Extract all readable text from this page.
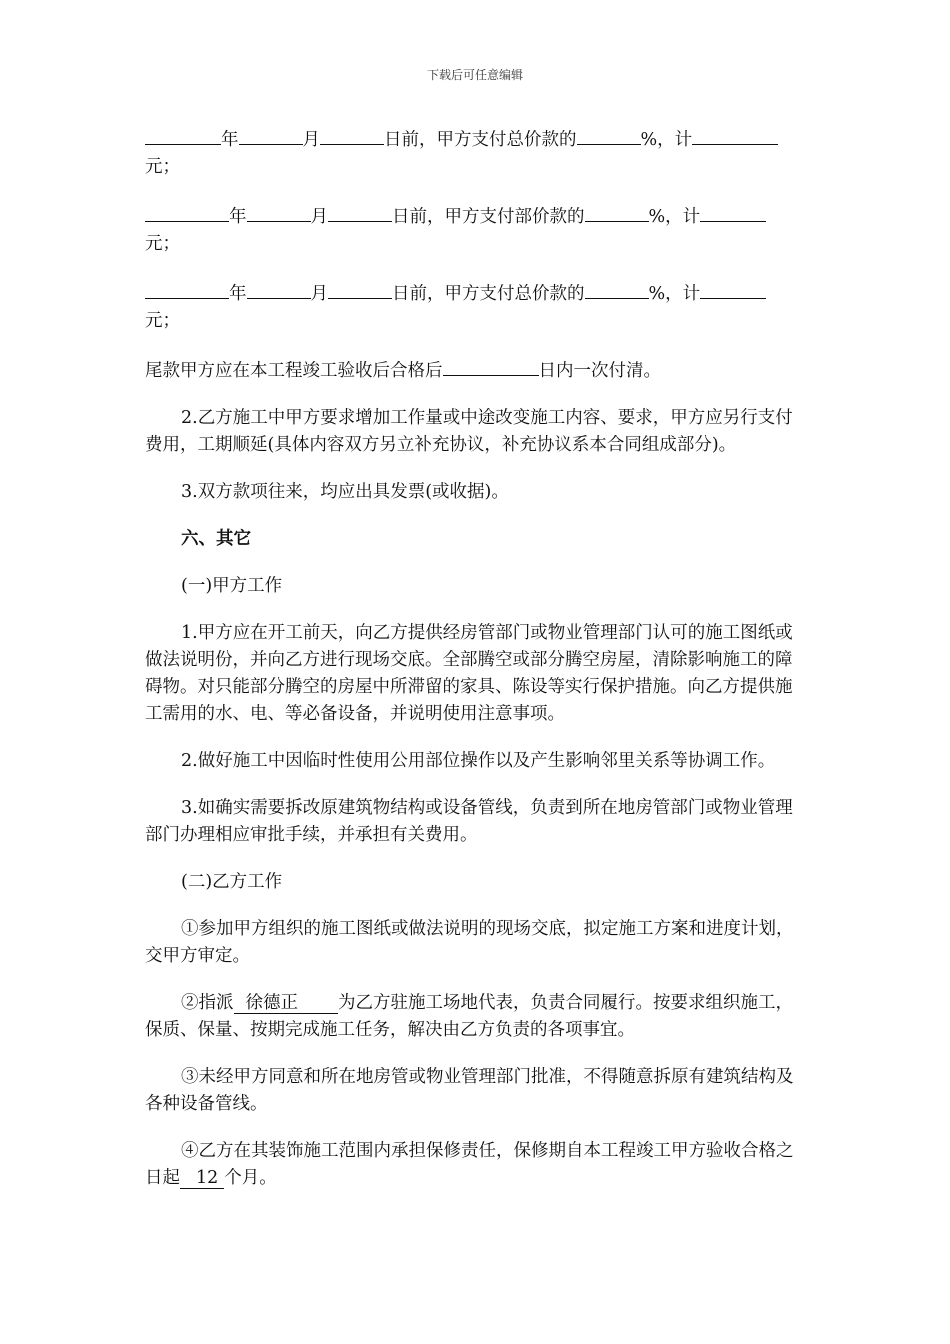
下载后可任意编辑

年	月	日前，甲方支付总价款的	%，计
元；

年	月	日前，甲方支付部价款的	%，计
元；

年	月	日前，甲方支付总价款的	%，计
元；

尾款甲方应在本工程竣工验收后合格后	日内一次付清。

2.乙方施工中甲方要求增加工作量或中途改变施工内容、要求，甲方应另行支付费用，工期顺延(具体内容双方另立补充协议，补充协议系本合同组成部分)。

3.双方款项往来，均应出具发票(或收据)。

六、其它

(一)甲方工作

1.甲方应在开工前天，向乙方提供经房管部门或物业管理部门认可的施工图纸或做法说明份，并向乙方进行现场交底。全部腾空或部分腾空房屋，清除影响施工的障碍物。对只能部分腾空的房屋中所滞留的家具、陈设等实行保护措施。向乙方提供施工需用的水、电、等必备设备，并说明使用注意事项。

2.做好施工中因临时性使用公用部位操作以及产生影响邻里关系等协调工作。

3.如确实需要拆改原建筑物结构或设备管线，负责到所在地房管部门或物业管理部门办理相应审批手续，并承担有关费用。

(二)乙方工作

①参加甲方组织的施工图纸或做法说明的现场交底，拟定施工方案和进度计划，交甲方审定。

②指派 徐德正 为乙方驻施工场地代表，负责合同履行。按要求组织施工，保质、保量、按期完成施工任务，解决由乙方负责的各项事宜。

③未经甲方同意和所在地房管或物业管理部门批准，不得随意拆原有建筑结构及各种设备管线。

④乙方在其装饰施工范围内承担保修责任，保修期自本工程竣工甲方验收合格之日起 12 个月。
